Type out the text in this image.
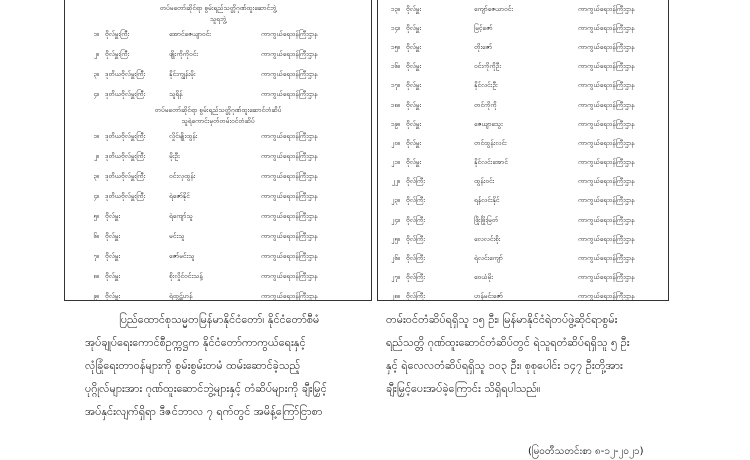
တပ်မတော်ဆိုင်ရာ စွမ်းရည်သတ္တိဂုဏ်ထူးဆောင်ဘွဲ့
သူရဘွဲ့
၁။ ဗိုလ်မှူးကြီး	အောင်ဇေယျာဝင်း	ကာကွယ်ရေးဝန်ကြီးဌာန
၂။ ဗိုလ်မှူးကြီး	ဖျိုးကိုကိုဝင်း	ကာကွယ်ရေးဝန်ကြီးဌာန
၃။ ဒုတိယဗိုလ်မှူးကြီး	နိုင်းကျွန်းမိုး	ကာကွယ်ရေးဝန်ကြီးဌာန
၄။ ဒုတိယဗိုလ်မှူးကြီး	သူရိန်	ကာကွယ်ရေးဝန်ကြီးဌာန
တပ်မတော်ဆိုင်ရာ စွမ်းရည်သတ္တိဂုဏ်ထူးဆောင်တံဆိပ်
သူရဲကောင်းမှတ်တမ်းဝင်တံဆိပ်
၁။ ဒုတိယဗိုလ်မှူးကြီး	လှိုင်မျိုးထွန်း	ကာကွယ်ရေးဝန်ကြီးဌာန
၂။ ဒုတိယဗိုလ်မှူးကြီး	မိုးဦး	ကာကွယ်ရေးဝန်ကြီးဌာန
၃။ ဒုတိယဗိုလ်မှူးကြီး	ဝင်းလှထွန်း	ကာကွယ်ရေးဝန်ကြီးဌာန
၄။ ဒုတိယဗိုလ်မှူးကြီး	ရဲဇော်နိုင်	ကာကွယ်ရေးဝန်ကြီးဌာန
၅။ ဗိုလ်မှူး	ရဲကျော်သူ	ကာကွယ်ရေးဝန်ကြီးဌာန
၆။ ဗိုလ်မှူး	မင်းသူ	ကာကွယ်ရေးဝန်ကြီးဌာန
၇။ ဗိုလ်မှူး	ဇော်မင်းသူ	ကာကွယ်ရေးဝန်ကြီးဌာန
၈။ ဗိုလ်မှူး	စိုးလှိုင်ဝင်းသန့်	ကာကွယ်ရေးဝန်ကြီးဌာန
၉။ ဗိုလ်မှူး	ရဲထွဋ်ဟန်	ကာကွယ်ရေးဝန်ကြီးဌာန
၁၃။ ဗိုလ်မှူး	ကျော်ဇေယာဝင်း	ကာကွယ်ရေးဝန်ကြီးဌာန
၁၄။ ဗိုလ်မှူး	မြင့်ဇော်	ကာကွယ်ရေးဝန်ကြီးဌာန
၁၅။ ဗိုလ်မှူး	တိုးဇော်	ကာကွယ်ရေးဝန်ကြီးဌာန
၁၆။ ဗိုလ်မှူး	ဝင်းကိုကိုဦး	ကာကွယ်ရေးဝန်ကြီးဌာန
၁၇။ ဗိုလ်မှူး	နိုင်လင်းဦး	ကာကွယ်ရေးဝန်ကြီးဌာန
၁၈။ ဗိုလ်မှူး	တင်ကိုကို	ကာကွယ်ရေးဝန်ကြီးဌာန
၁၉။ ဗိုလ်မှူး	ဇေယျာသွေး	ကာကွယ်ရေးဝန်ကြီးဌာန
၂၀။ ဗိုလ်မှူး	တင်ထွန်းလင်း	ကာကွယ်ရေးဝန်ကြီးဌာန
၂၁။ ဗိုလ်မှူး	နိုင်လင်းအောင်	ကာကွယ်ရေးဝန်ကြီးဌာန
၂၂။ ဗိုလ်ကြီး	ထွန်းဝင်း	ကာကွယ်ရေးဝန်ကြီးဌာန
၂၃။ ဗိုလ်ကြီး	ရန်လင်းနိုင်	ကာကွယ်ရေးဝန်ကြီးဌာန
၂၄။ ဗိုလ်ကြီး	ဖြိုးဖြိုးမြတ်	ကာကွယ်ရေးဝန်ကြီးဌာန
၂၅။ ဗိုလ်ကြီး	လေလင်းစိုး	ကာကွယ်ရေးဝန်ကြီးဌာန
၂၆။ ဗိုလ်ကြီး	ရဲလင်းကျော်	ကာကွယ်ရေးဝန်ကြီးဌာန
၂၇။ ဗိုလ်ကြီး	ဝေယံမိုး	ကာကွယ်ရေးဝန်ကြီးဌာန
၂၈။ ဗိုလ်ကြီး	ဟန်မင်းဇော်	ကာကွယ်ရေးဝန်ကြီးဌာန
ပြည်ထောင်စုသမ္မတမြန်မာနိုင်ငံတော်၊ နိုင်ငံတော်စီမံ
အုပ်ချုပ်ရေးကောင်စီဥက္ကဋ္ဌက နိုင်ငံတော်ကာကွယ်ရေးနှင့်
လုံခြုံရေးတာဝန်များကို စွမ်းစွမ်းတမံ ထမ်းဆောင်ခဲ့သည့်
ပုဂ္ဂိုလ်များအား ဂုဏ်ထူးဆောင်ဘွဲ့များနှင့် တံဆိပ်များကို ချီးမြှင့်
အပ်နှင်းလျက်ရှိရာ ဒီဇင်ဘာလ ၇ ရက်တွင် အမိန့်ကြော်ငြာစာ
တမ်းဝင်တံဆိပ်ရရှိသူ ၁၅ ဦး၊ မြန်မာနိုင်ငံရဲတပ်ဖွဲ့ဆိုင်ရာစွမ်း
ရည်သတ္တိ ဂုဏ်ထူးဆောင်တံဆိပ်တွင် ရဲသူရတံဆိပ်ရရှိသူ ၅ ဦး
နှင့် ရဲလေလတံဆိပ်ရရှိသူ ၁၀၃ ဦး၊ စုစုပေါင်း ၁၄၇ ဦးတို့အား
ချီးမြှင့်ပေးအပ်ခဲ့ကြောင်း သိရှိရပါသည်။
(မြဝတီသတင်းစာ ၈-၁၂-၂၀၂၁)
